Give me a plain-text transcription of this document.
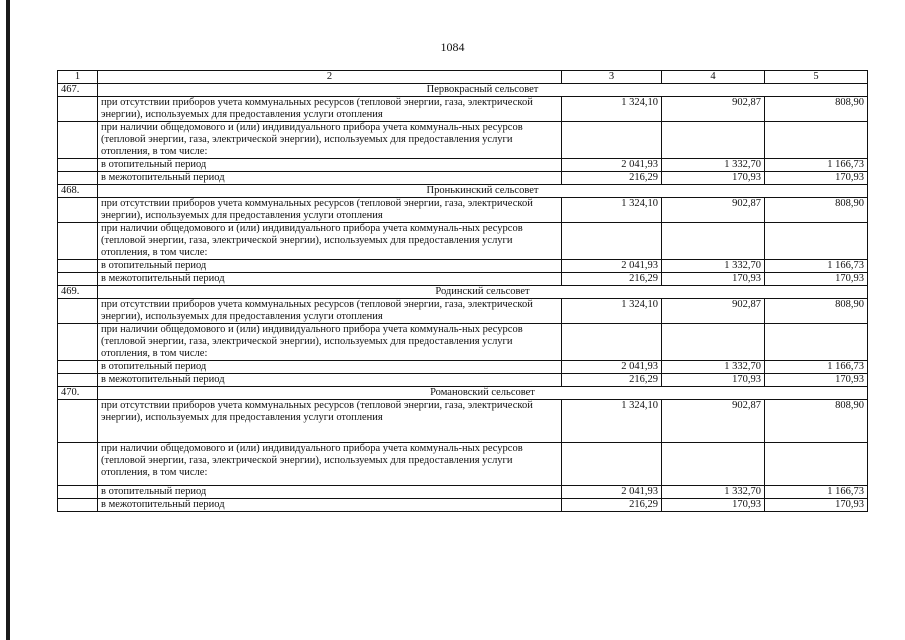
1084
1	2	3	4	5
467.	Первокрасный сельсовет			
	при отсутствии приборов учета коммунальных ресурсов (тепловой энергии, газа, электрической энергии), используемых для предоставления услуги отопления	1 324,10	902,87	808,90
	при наличии общедомового и (или) индивидуального прибора учета коммуналь-ных ресурсов (тепловой энергии, газа, электрической энергии), используемых для предоставления услуги отопления, в том числе:			
	в отопительный период	2 041,93	1 332,70	1 166,73
	в межотопительный период	216,29	170,93	170,93
468.	Пронькинский сельсовет			
	при отсутствии приборов учета коммунальных ресурсов (тепловой энергии, газа, электрической энергии), используемых для предоставления услуги отопления	1 324,10	902,87	808,90
	при наличии общедомового и (или) индивидуального прибора учета коммуналь-ных ресурсов (тепловой энергии, газа, электрической энергии), используемых для предоставления услуги отопления, в том числе:			
	в отопительный период	2 041,93	1 332,70	1 166,73
	в межотопительный период	216,29	170,93	170,93
469.	Родинский сельсовет			
	при отсутствии приборов учета коммунальных ресурсов (тепловой энергии, газа, электрической энергии), используемых для предоставления услуги отопления	1 324,10	902,87	808,90
	при наличии общедомового и (или) индивидуального прибора учета коммуналь-ных ресурсов (тепловой энергии, газа, электрической энергии), используемых для предоставления услуги отопления, в том числе:			
	в отопительный период	2 041,93	1 332,70	1 166,73
	в межотопительный период	216,29	170,93	170,93
470.	Романовский сельсовет			
	при отсутствии приборов учета коммунальных ресурсов (тепловой энергии, газа, электрической энергии), используемых для предоставления услуги отопления	1 324,10	902,87	808,90
	при наличии общедомового и (или) индивидуального прибора учета коммуналь-ных ресурсов (тепловой энергии, газа, электрической энергии), используемых для предоставления услуги отопления, в том числе:			
	в отопительный период	2 041,93	1 332,70	1 166,73
	в межотопительный период	216,29	170,93	170,93
